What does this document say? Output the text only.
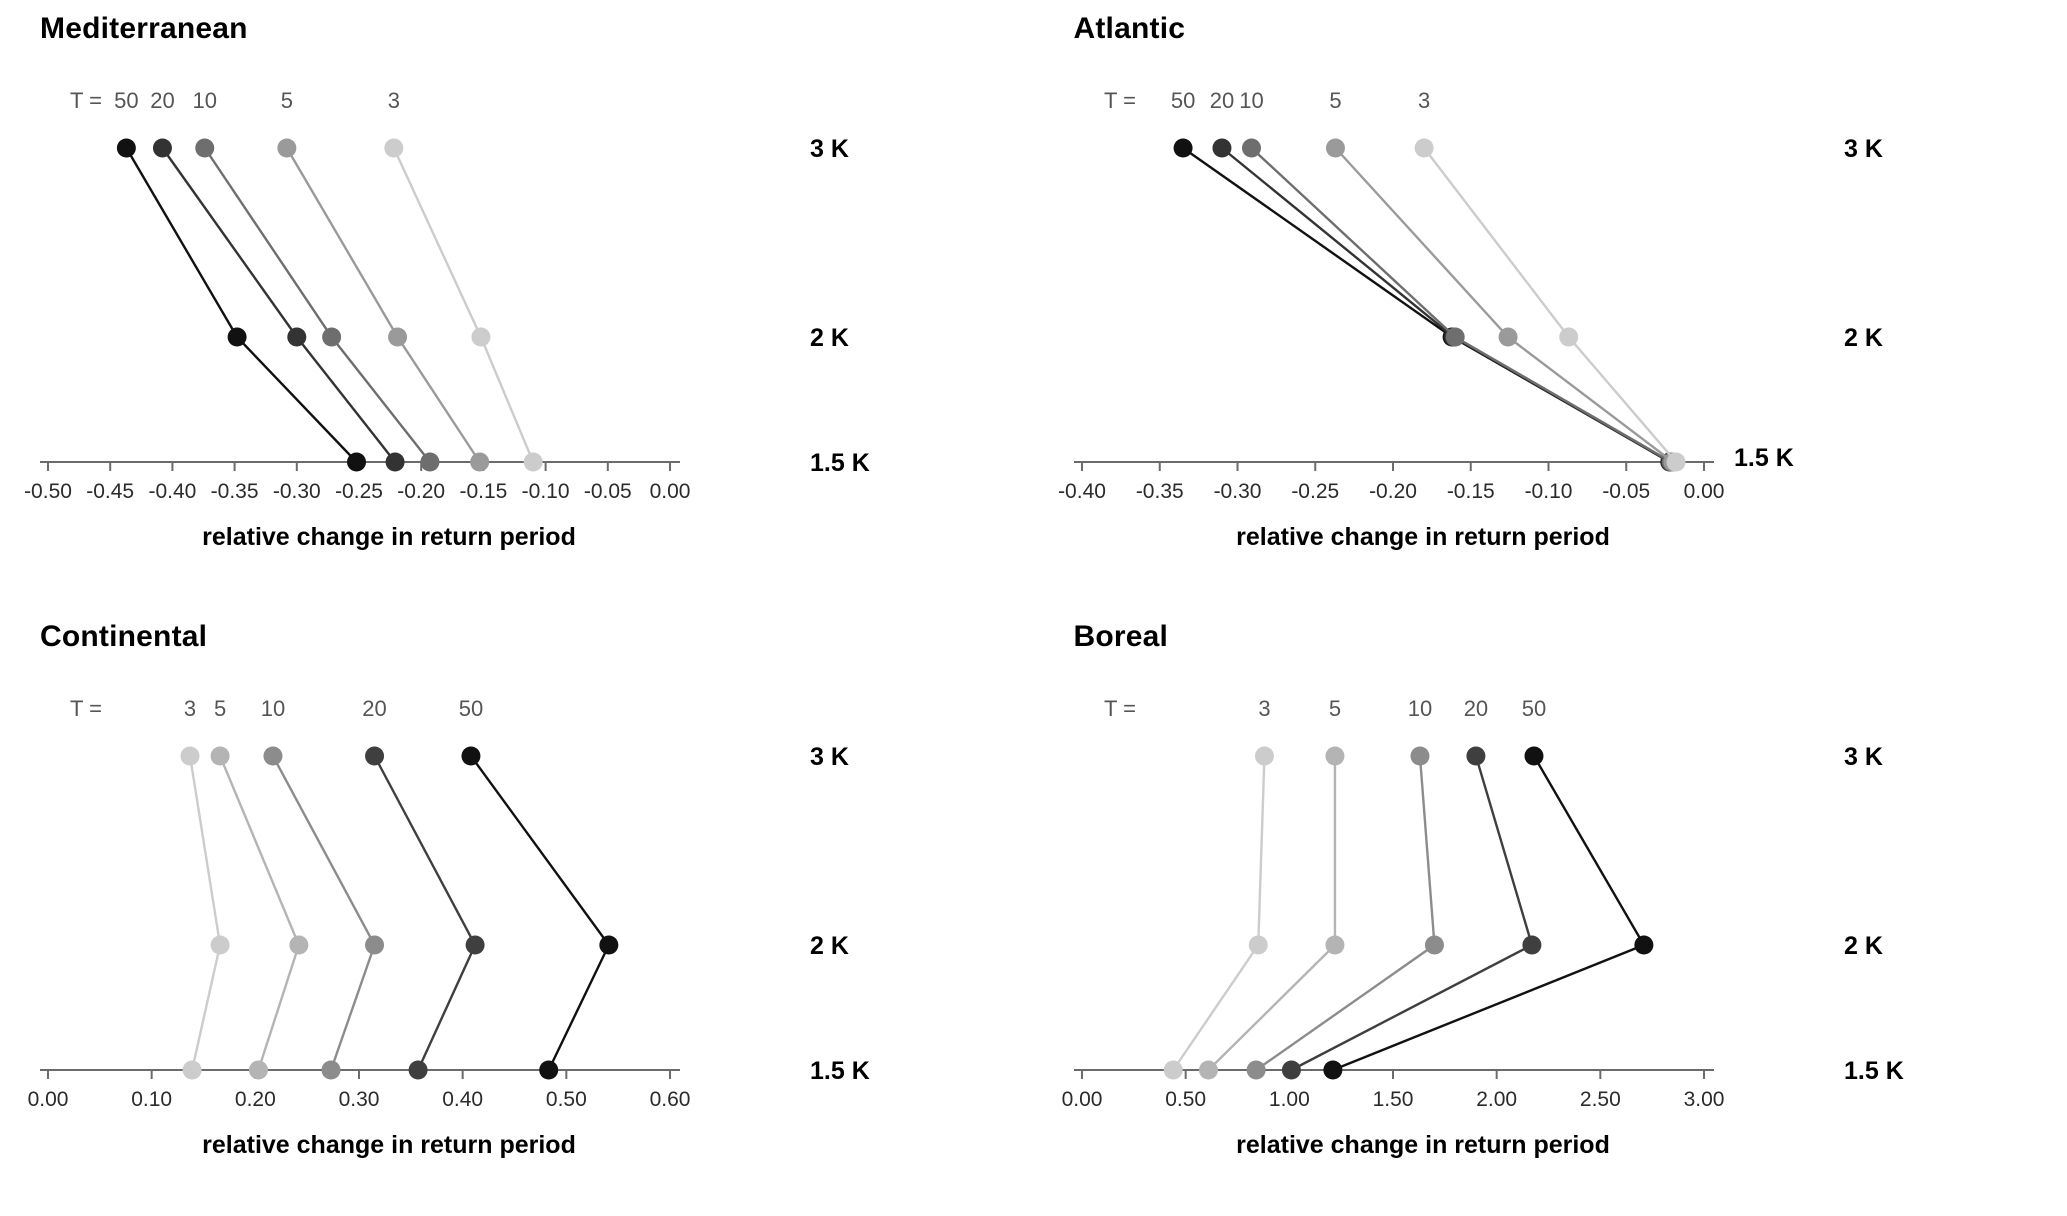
Mediterranean
-0.50 -0.45 -0.40 -0.35 -0.30 -0.25 -0.20 -0.15 -0.10 -0.05 0.00
relative change in return period
3 K
2 K
1.5 K
T = 50 20 10	5	3
Atlantic
-0.40 -0.35 -0.30 -0.25 -0.20 -0.15 -0.10 -0.05 0.00
relative change in return period
3 K
2 K
1.5 K
T = 50 20 10	5	3
Continental
0.00	0.10	0.20	0.30	0.40	0.50	0.60
relative change in return period
3 K
2 K
1.5 K
T =	3 5 10	20	50
Boreal
0.00	0.50	1.00	1.50	2.00	2.50	3.00
relative change in return period
3 K
2 K
1.5 K
T =	3	5	10 20 50
